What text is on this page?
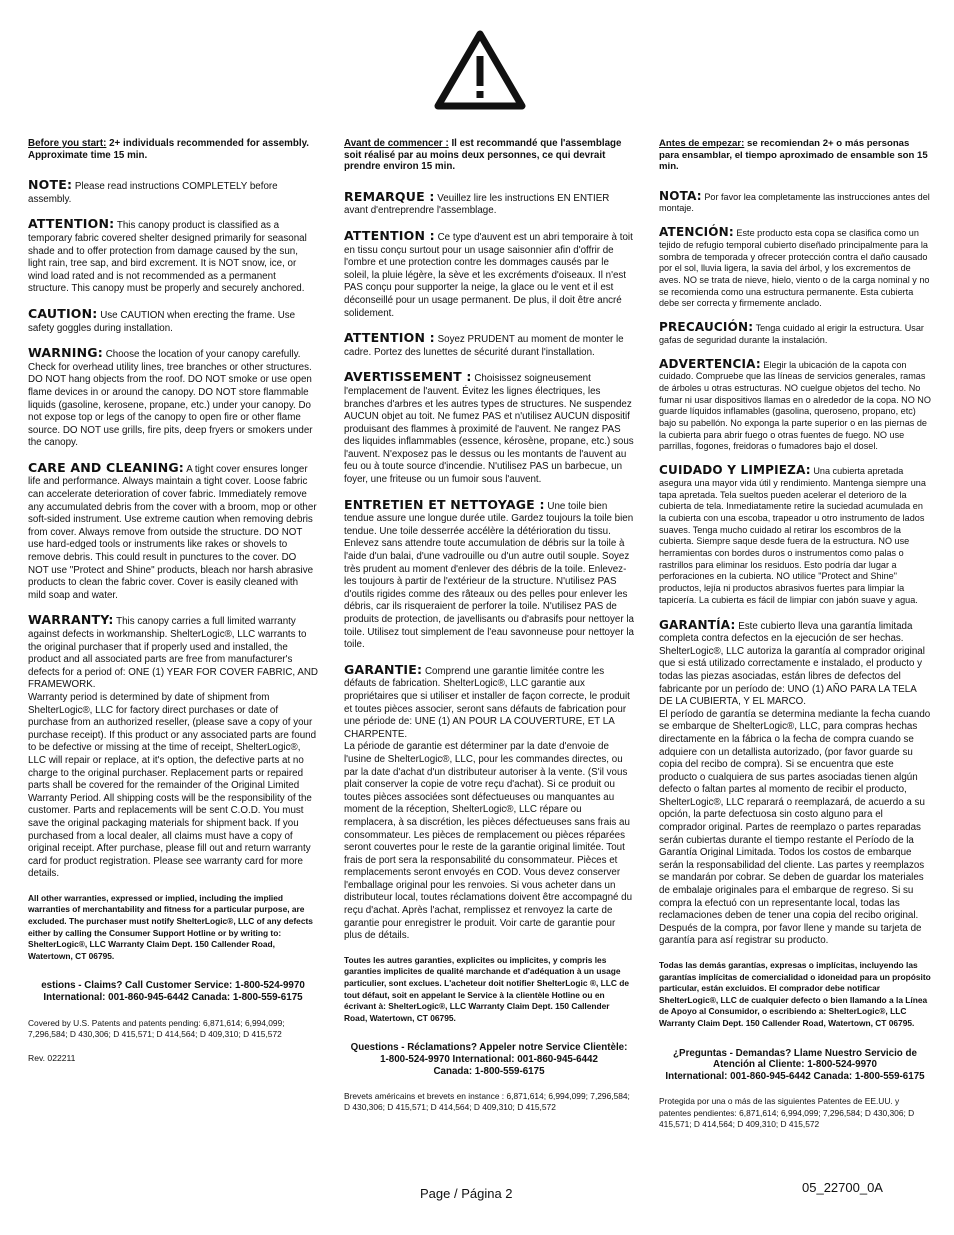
Before you start: 2+ individuals recommended for assembly. Approximate time 15 min.

NOTE: Please read instructions COMPLETELY before assembly.

ATTENTION: This canopy product is classified as a temporary fabric covered shelter designed primarily for seasonal shade and to offer protection from damage caused by the sun, light rain, tree sap, and bird excrement. It is NOT snow, ice, or wind load rated and is not recommended as a permanent structure. This canopy must be properly and securely anchored.

CAUTION: Use CAUTION when erecting the frame. Use safety goggles during installation.

WARNING: Choose the location of your canopy carefully. Check for overhead utility lines, tree branches or other structures. DO NOT hang objects from the roof. DO NOT smoke or use open flame devices in or around the canopy. DO NOT store flammable liquids (gasoline, kerosene, propane, etc.) under your canopy. Do not expose top or legs of the canopy to open fire or other flame source. DO NOT use grills, fire pits, deep fryers or smokers under the canopy.

CARE AND CLEANING: A tight cover ensures longer life and performance. Always maintain a tight cover. Loose fabric can accelerate deterioration of cover fabric. Immediately remove any accumulated debris from the cover with a broom, mop or other soft-sided instrument. Use extreme caution when removing debris from cover. Always remove from outside the structure. DO NOT use hard-edged tools or instruments like rakes or shovels to remove debris. This could result in punctures to the cover. DO NOT use "Protect and Shine" products, bleach nor harsh abrasive products to clean the fabric cover. Cover is easily cleaned with mild soap and water.

WARRANTY: This canopy carries a full limited warranty against defects in workmanship. ShelterLogic®, LLC warrants to the original purchaser that if properly used and installed, the product and all associated parts are free from manufacturer's defects for a period of: ONE (1) YEAR FOR COVER FABRIC, AND FRAMEWORK.

Warranty period is determined by date of shipment from ShelterLogic®, LLC for factory direct purchases or date of purchase from an authorized reseller, (please save a copy of your purchase receipt). If this product or any associated parts are found to be defective or missing at the time of receipt, ShelterLogic®, LLC will repair or replace, at it's option, the defective parts at no charge to the original purchaser. Replacement parts or repaired parts shall be covered for the remainder of the Original Limited Warranty Period. All shipping costs will be the responsibility of the customer. Parts and replacements will be sent C.O.D. You must save the original packaging materials for shipment back. If you purchased from a local dealer, all claims must have a copy of original receipt. After purchase, please fill out and return warranty card for product registration. Please see warranty card for more details.

All other warranties, expressed or implied, including the implied warranties of merchantability and fitness for a particular purpose, are excluded. The purchaser must notify ShelterLogic®, LLC of any defects either by calling the Consumer Support Hotline or by writing to: ShelterLogic®, LLC Warranty Claim Dept. 150 Callender Road, Watertown, CT 06795.

estions - Claims? Call Customer Service: 1-800-524-9970

International: 001-860-945-6442 Canada: 1-800-559-6175

Covered by U.S. Patents and patents pending: 6,871,614; 6,994,099; 7,296,584; D 430,306; D 415,571; D 414,564; D 409,310; D 415,572

Rev. 022211

Avant de commencer : Il est recommandé que l'assemblage soit réalisé par au moins deux personnes, ce qui devrait prendre environ 15 min.

REMARQUE : Veuillez lire les instructions EN ENTIER avant d'entreprendre l'assemblage.

ATTENTION : Ce type d'auvent est un abri temporaire à toit en tissu conçu surtout pour un usage saisonnier afin d'offrir de l'ombre et une protection contre les dommages causés par le soleil, la pluie légère, la sève et les excréments d'oiseaux. Il n'est PAS conçu pour supporter la neige, la glace ou le vent et il est déconseillé pour un usage permanent. De plus, il doit être ancré solidement.

ATTENTION : Soyez PRUDENT au moment de monter le cadre. Portez des lunettes de sécurité durant l'installation.

AVERTISSEMENT : Choisissez soigneusement l'emplacement de l'auvent. Évitez les lignes électriques, les branches d'arbres et les autres types de structures. Ne suspendez AUCUN objet au toit. Ne fumez PAS et n'utilisez AUCUN dispositif produisant des flammes à proximité de l'auvent. Ne rangez PAS des liquides inflammables (essence, kérosène, propane, etc.) sous l'auvent. N'exposez pas le dessus ou les montants de l'auvent au feu ou à toute source d'incendie. N'utilisez PAS un barbecue, un foyer, une friteuse ou un fumoir sous l'auvent.

ENTRETIEN ET NETTOYAGE : Une toile bien tendue assure une longue durée utile. Gardez toujours la toile bien tendue. Une toile desserrée accélère la détérioration du tissu. Enlevez sans attendre toute accumulation de débris sur la toile à l'aide d'un balai, d'une vadrouille ou d'un autre outil souple. Soyez très prudent au moment d'enlever des débris de la toile. Enlevez-les toujours à partir de l'extérieur de la structure. N'utilisez PAS d'outils rigides comme des râteaux ou des pelles pour enlever les débris, car ils risqueraient de perforer la toile. N'utilisez PAS de produits de protection, de javellisants ou d'abrasifs pour nettoyer la toile. Utilisez tout simplement de l'eau savonneuse pour nettoyer la toile.

GARANTIE: Comprend une garantie limitée contre les défauts de fabrication. ShelterLogic®, LLC garantie aux propriétaires que si utiliser et installer de façon correcte, le produit et toutes pièces associer, seront sans défauts de fabrication pour une période de: UNE (1) AN POUR LA COUVERTURE, ET LA CHARPENTE.

La période de garantie est déterminer par la date d'envoie de l'usine de ShelterLogic®, LLC, pour les commandes directes, ou par la date d'achat d'un distributeur autoriser à la vente. (S'il vous plait conserver la copie de votre reçu d'achat). Si ce produit ou toutes pièces associées sont défectueuses ou manquantes au moment de la réception, ShelterLogic®, LLC répare ou remplacera, à sa discrétion, les pièces défectueuses sans frais au consommateur. Les pièces de remplacement ou pièces réparées seront couvertes pour le reste de la garantie original limitée. Tout frais de port sera la responsabilité du consommateur. Pièces et remplacements seront envoyés en COD. Vous devez conserver l'emballage original pour les renvoies. Si vous acheter dans un distributeur local, toutes réclamations doivent être accompagné du reçu d'achat. Après l'achat, remplissez et renvoyez la carte de garantie pour enregistrer le produit. Voir carte de garantie pour plus de détails.

Toutes les autres garanties, explicites ou implicites, y compris les garanties implicites de qualité marchande et d'adéquation à un usage particulier, sont exclues. L'acheteur doit notifier ShelterLogic ®, LLC de tout défaut, soit en appelant le Service à la clientèle Hotline ou en écrivant à: ShelterLogic®, LLC Warranty Claim Dept. 150 Callender Road, Watertown, CT 06795.

Questions - Réclamations? Appeler notre Service Clientèle:

1-800-524-9970 International: 001-860-945-6442

Canada: 1-800-559-6175

Brevets américains et brevets en instance : 6,871,614; 6,994,099; 7,296,584; D 430,306; D 415,571; D 414,564; D 409,310; D 415,572

Antes de empezar: se recomiendan 2+ o más personas para ensamblar, el tiempo aproximado de ensamble son 15 min.

NOTA: Por favor lea completamente las instrucciones antes del montaje.

ATENCIÓN: Este producto esta copa se clasifica como un tejido de refugio temporal cubierto diseñado principalmente para la sombra de temporada y ofrecer protección contra el daño causado por el sol, lluvia ligera, la savia del árbol, y los excrementos de aves. NO se trata de nieve, hielo, viento o de la carga nominal y no se recomienda como una estructura permanente. Esta cubierta debe ser correcta y firmemente anclado.

PRECAUCIÓN: Tenga cuidado al erigir la estructura. Usar gafas de seguridad durante la instalación.

ADVERTENCIA: Elegir la ubicación de la capota con cuidado. Compruebe que las líneas de servicios generales, ramas de árboles u otras estructuras. NO cuelgue objetos del techo. No fumar ni usar dispositivos llamas en o alrededor de la copa. NO NO guarde líquidos inflamables (gasolina, queroseno, propano, etc) bajo su pabellón. No exponga la parte superior o en las piernas de la cubierta para abrir fuego o otras fuentes de fuego. NO use parrillas, fogones, freidoras o fumadores bajo el dosel.

CUIDADO Y LIMPIEZA: Una cubierta apretada asegura una mayor vida útil y rendimiento. Mantenga siempre una tapa apretada. Tela sueltos pueden acelerar el deterioro de la cubierta de tela. Inmediatamente retire la suciedad acumulada en la cubierta con una escoba, trapeador u otro instrumento de lados suaves. Tenga mucho cuidado al retirar los escombros de la cubierta. Siempre saque desde fuera de la estructura. NO use herramientas con bordes duros o instrumentos como palas o rastrillos para eliminar los residuos. Esto podría dar lugar a perforaciones en la cubierta. NO utilice "Protect and Shine" productos, lejía ni productos abrasivos fuertes para limpiar la tapicería. La cubierta es fácil de limpiar con jabón suave y agua.

GARANTÍA: Este cubierto lleva una garantía limitada completa contra defectos en la ejecución de ser hechas. ShelterLogic®, LLC autoriza la garantía al comprador original que si está utilizado correctamente e instalado, el producto y todas las piezas asociadas, están libres de defectos del fabricante por un período de: UNO (1) AÑO PARA LA TELA DE LA CUBIERTA, Y EL MARCO.

El período de garantía se determina mediante la fecha cuando se embarque de ShelterLogic®, LLC, para compras hechas directamente en la fábrica o la fecha de compra cuando se adquiere con un detallista autorizado, (por favor guarde su copia del recibo de compra). Si se encuentra que este producto o cualquiera de sus partes asociadas tienen algún defecto o faltan partes al momento de recibir el producto, ShelterLogic®, LLC reparará o reemplazará, de acuerdo a su opción, la parte defectuosa sin costo alguno para el comprador original. Partes de reemplazo o partes reparadas serán cubiertas durante el tiempo restante el Período de la Garantía Original Limitada. Todos los costos de embarque serán la responsabilidad del cliente. Las partes y reemplazos se mandarán por cobrar. Se deben de guardar los materiales de embalaje originales para el embarque de regreso. Si su compra la efectuó con un representante local, todas las reclamaciones deben de tener una copia del recibo original. Después de la compra, por favor llene y mande su tarjeta de garantía para así registrar su producto.

Todas las demás garantías, expresas o implícitas, incluyendo las garantías implícitas de comercialidad o idoneidad para un propósito particular, están excluidos. El comprador debe notificar ShelterLogic®, LLC de cualquier defecto o bien llamando a la Línea de Apoyo al Consumidor, o escribiendo a: ShelterLogic®, LLC Warranty Claim Dept. 150 Callender Road, Watertown, CT 06795.

¿Preguntas - Demandas? Llame Nuestro Servicio de Atención al Cliente: 1-800-524-9970

International: 001-860-945-6442 Canada: 1-800-559-6175

Protegida por una o más de las siguientes Patentes de EE.UU. y patentes pendientes: 6,871,614; 6,994,099; 7,296,584; D 430,306; D 415,571; D 414,564; D 409,310; D 415,572

Page / Página 2	05_22700_0A
